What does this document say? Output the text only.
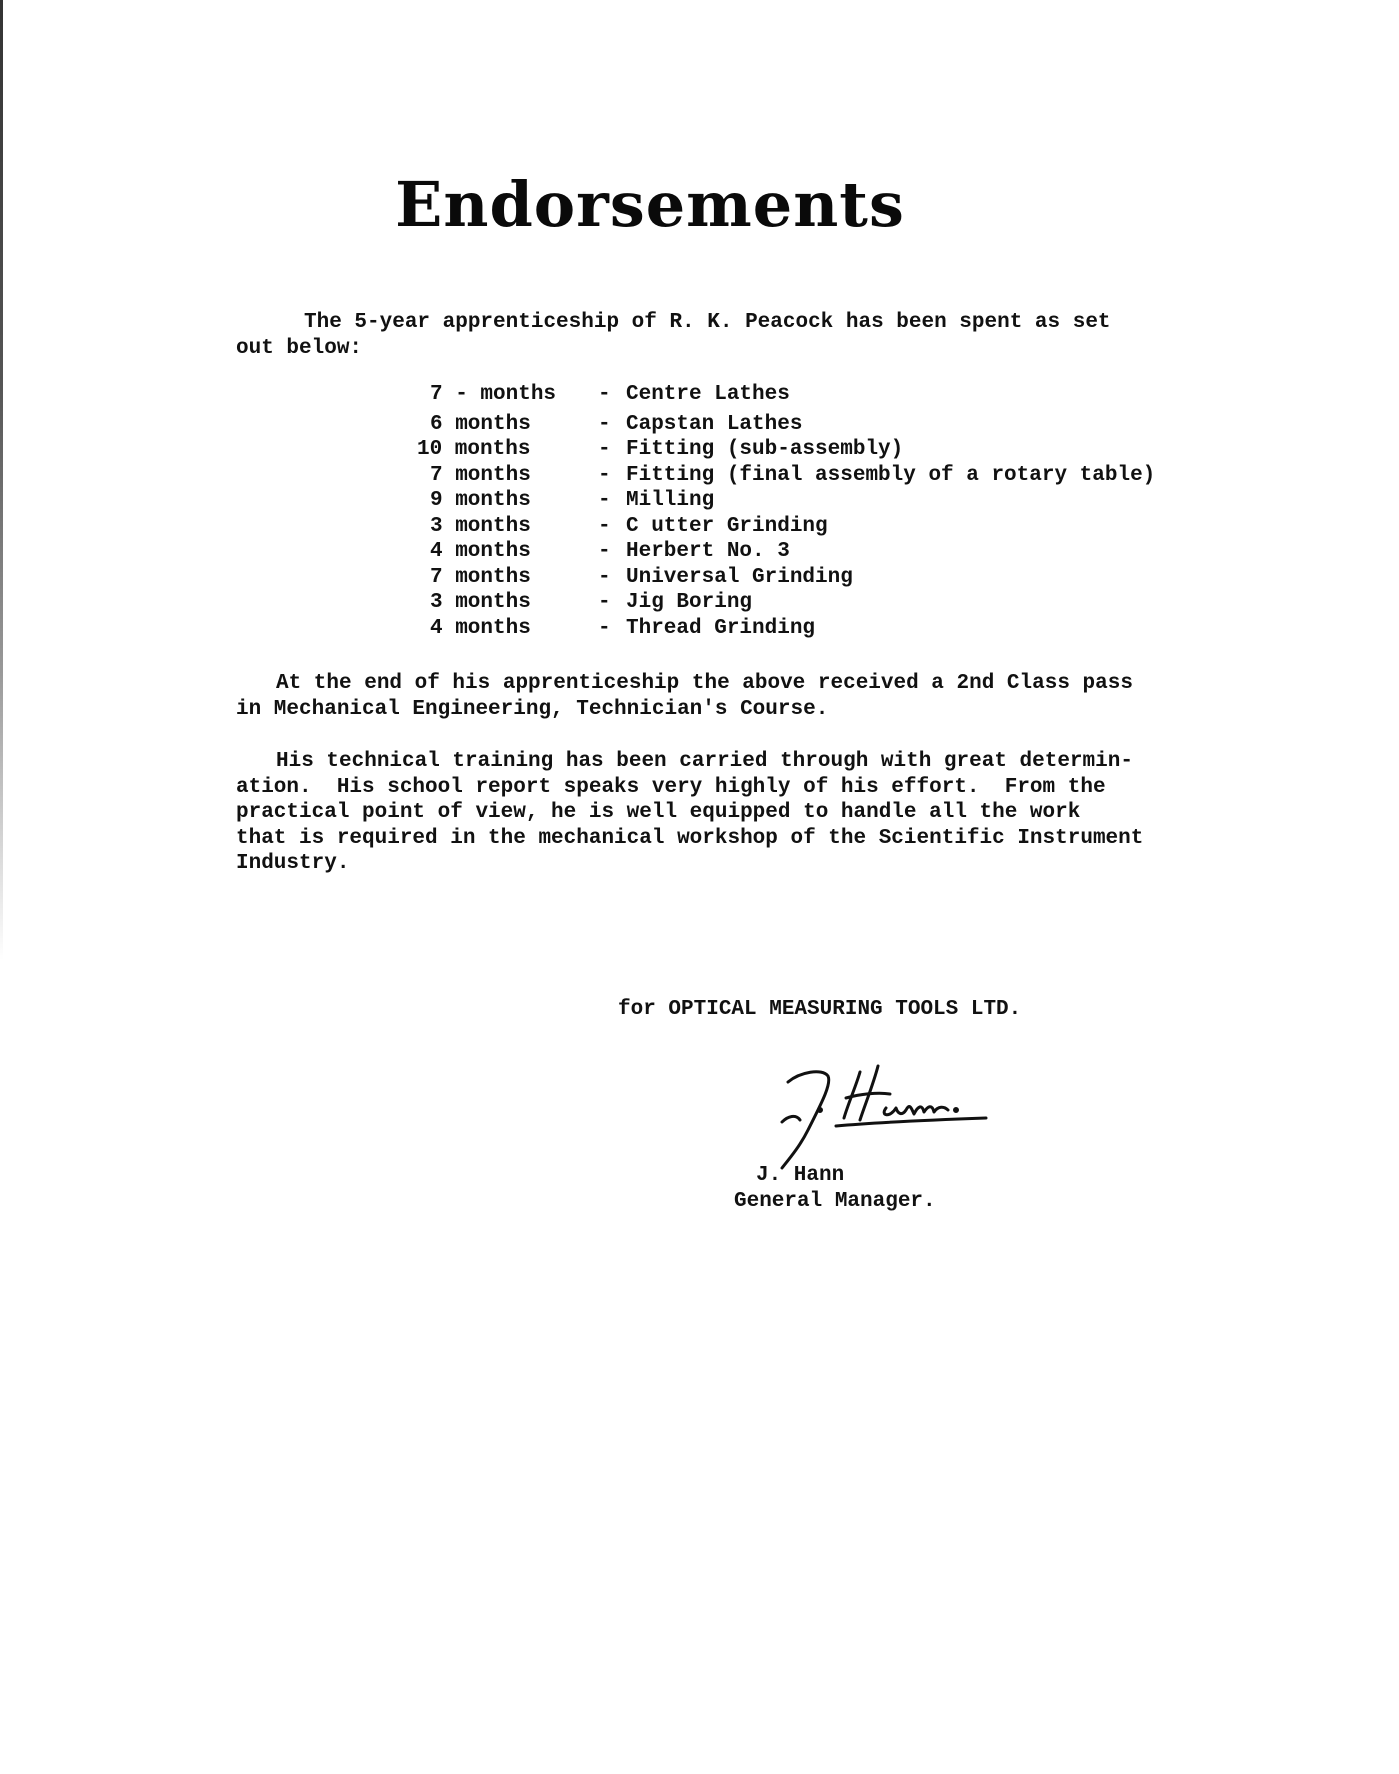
Endorsements
The 5-year apprenticeship of R. K. Peacock has been spent as set
out below:
7 - months	- Centre Lathes
6 months	- Capstan Lathes
10 months	- Fitting (sub-assembly)
7 months	- Fitting (final assembly of a rotary table)
9 months	- Milling
3 months	- C utter Grinding
4 months	- Herbert No. 3
7 months	- Universal Grinding
3 months	- Jig Boring
4 months	- Thread Grinding
At the end of his apprenticeship the above received a 2nd Class pass
in Mechanical Engineering, Technician's Course.
His technical training has been carried through with great determin-
ation.  His school report speaks very highly of his effort.  From the
practical point of view, he is well equipped to handle all the work
that is required in the mechanical workshop of the Scientific Instrument
Industry.
for OPTICAL MEASURING TOOLS LTD.
J. Hann
General Manager.
